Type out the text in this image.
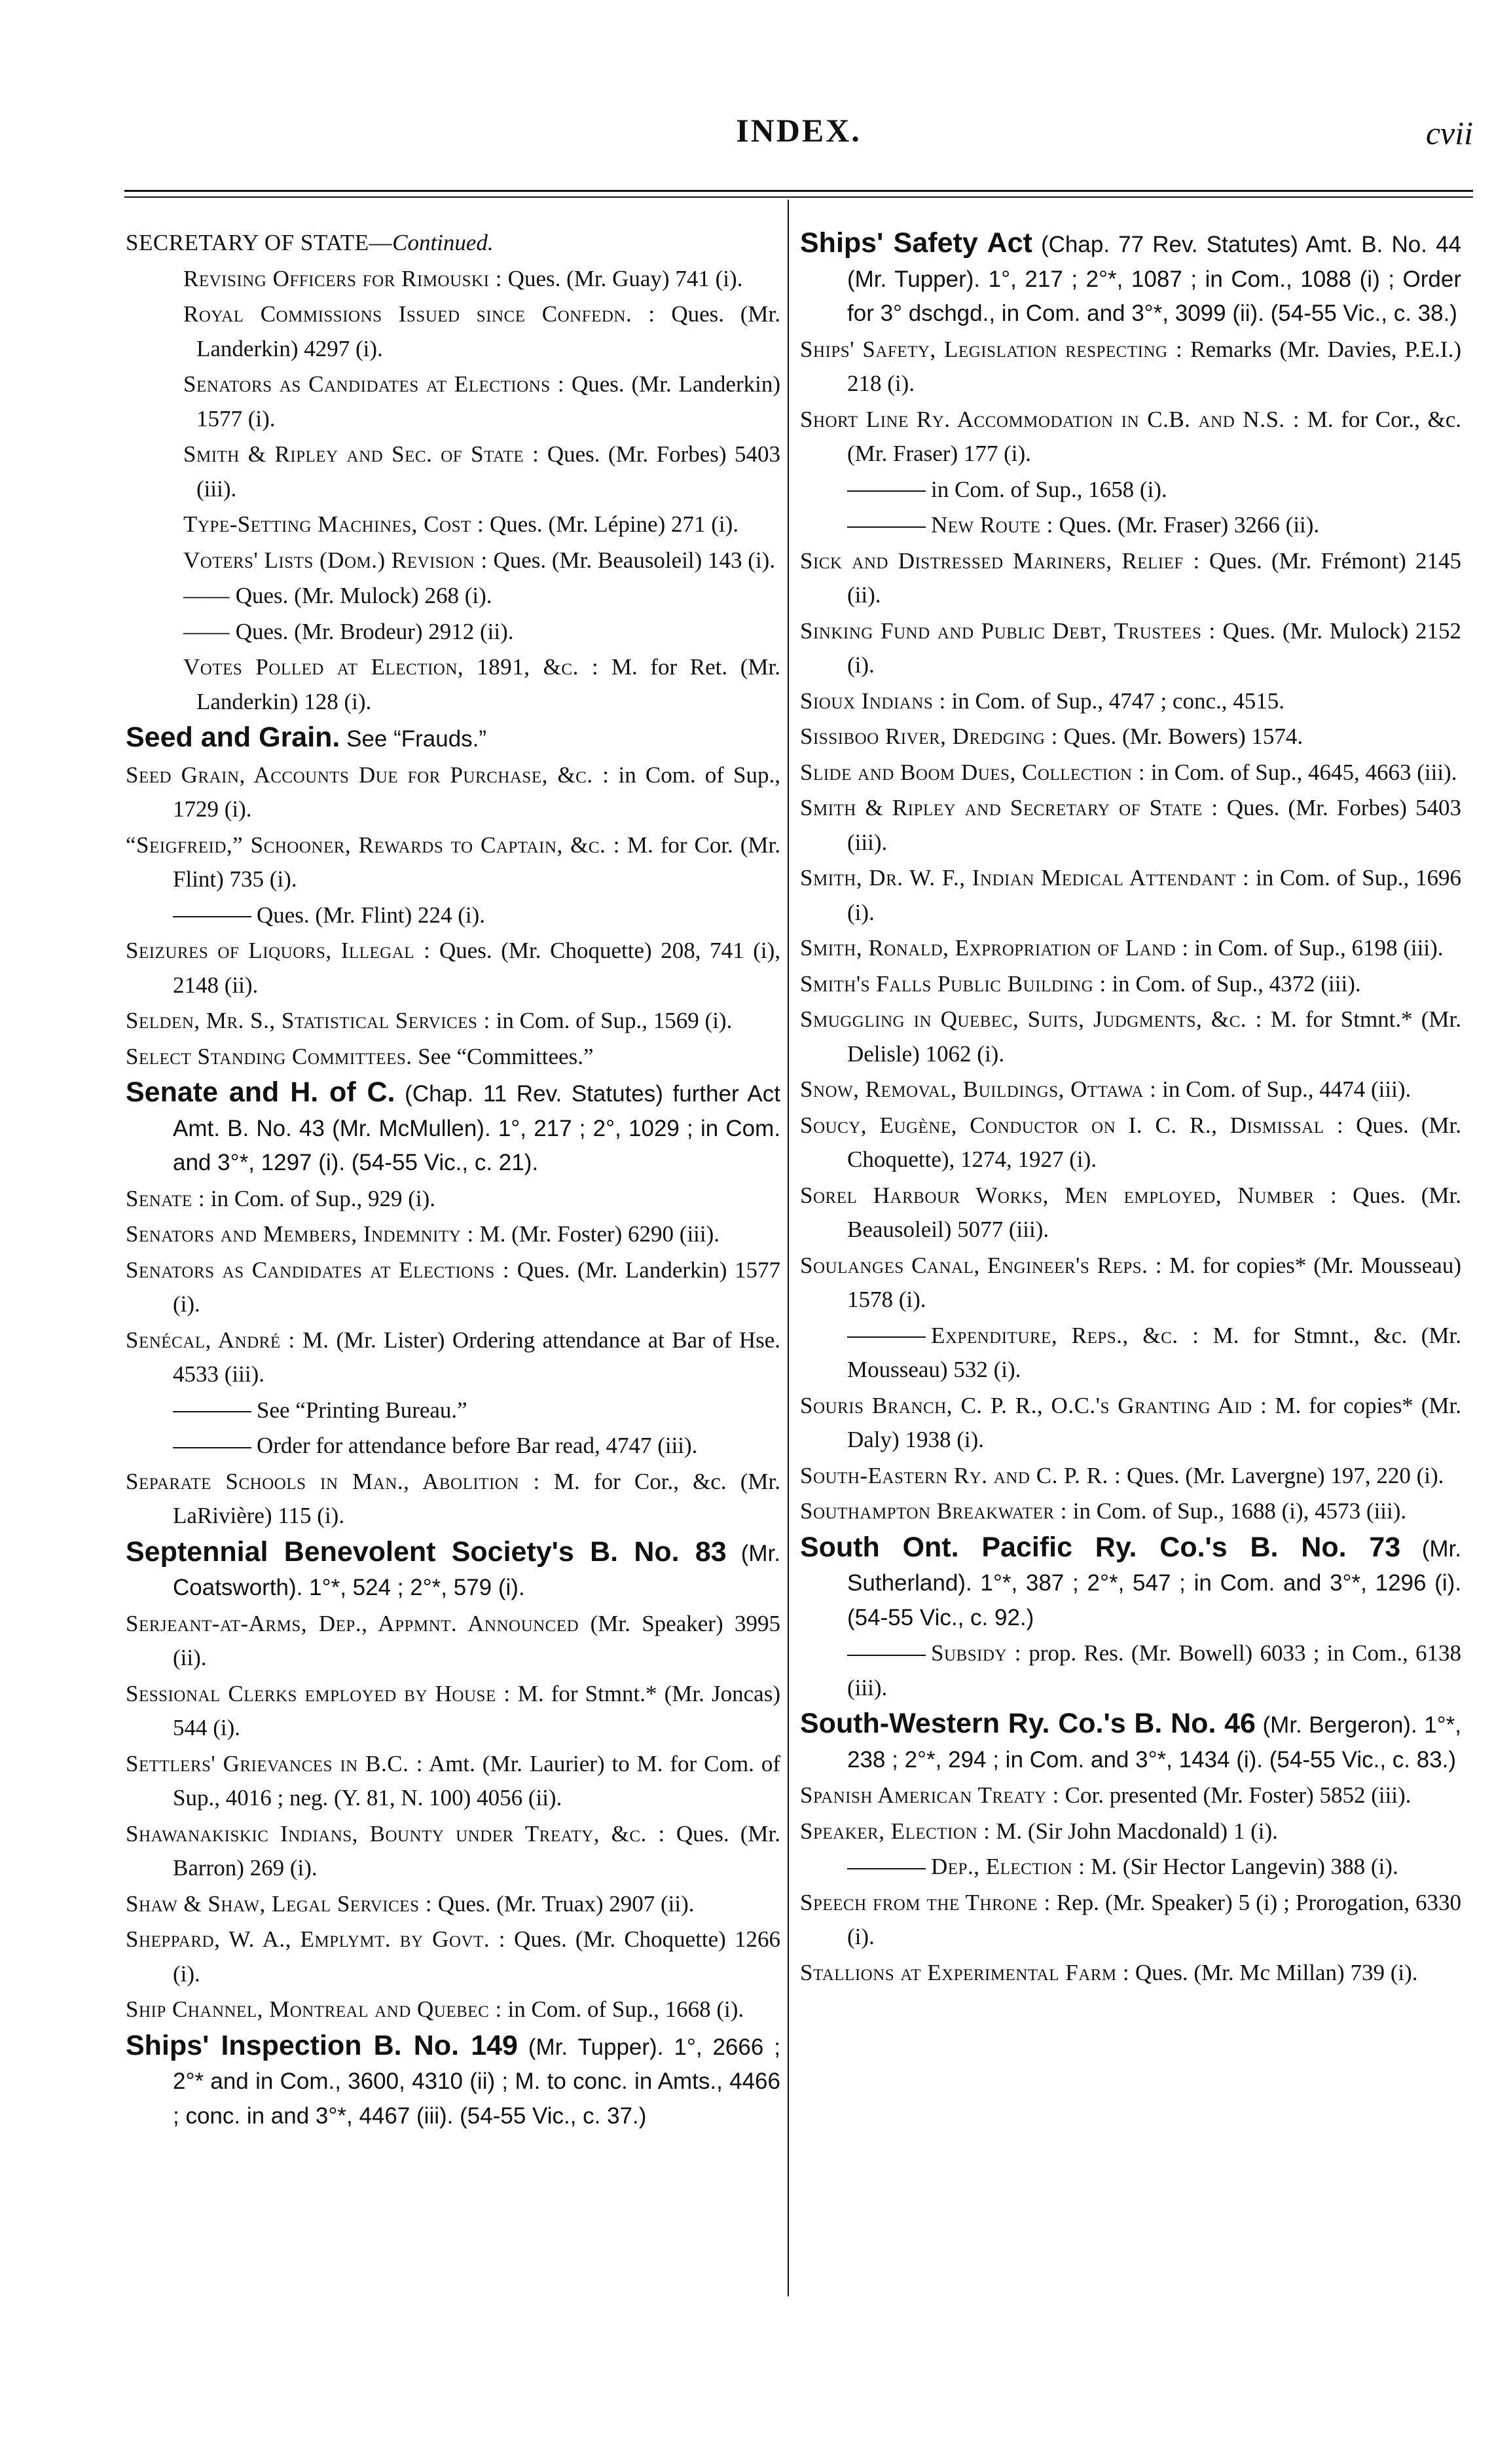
INDEX.	cvii
SECRETARY OF STATE—Continued.
Revising Officers for Rimouski : Ques. (Mr. Guay) 741 (i).
Royal Commissions Issued since Confedn. : Ques. (Mr. Landerkin) 4297 (i).
Senators as Candidates at Elections : Ques. (Mr. Landerkin) 1577 (i).
Smith & Ripley and Sec. of State : Ques. (Mr. Forbes) 5403 (iii).
Type-Setting Machines, Cost : Ques. (Mr. Lépine) 271 (i).
Voters' Lists (Dom.) Revision : Ques. (Mr. Beausoleil) 143 (i).
—— Ques. (Mr. Mulock) 268 (i).
—— Ques. (Mr. Brodeur) 2912 (ii).
Votes Polled at Election, 1891, &c. : M. for Ret. (Mr. Landerkin) 128 (i).
Seed and Grain. See “Frauds.”
Seed Grain, Accounts Due for Purchase, &c. : in Com. of Sup., 1729 (i).
“Seigfreid,” Schooner, Rewards to Captain, &c. : M. for Cor. (Mr. Flint) 735 (i).
Ques. (Mr. Flint) 224 (i).
Seizures of Liquors, Illegal : Ques. (Mr. Choquette) 208, 741 (i), 2148 (ii).
Selden, Mr. S., Statistical Services : in Com. of Sup., 1569 (i).
Select Standing Committees. See “Committees.”
Senate and H. of C. (Chap. 11 Rev. Statutes) further Act Amt. B. No. 43 (Mr. McMullen). 1°, 217 ; 2°, 1029 ; in Com. and 3°*, 1297 (i). (54-55 Vic., c. 21).
Senate : in Com. of Sup., 929 (i).
Senators and Members, Indemnity : M. (Mr. Foster) 6290 (iii).
Senators as Candidates at Elections : Ques. (Mr. Landerkin) 1577 (i).
Senécal, André : M. (Mr. Lister) Ordering attendance at Bar of Hse. 4533 (iii).
See “Printing Bureau.”
Order for attendance before Bar read, 4747 (iii).
Separate Schools in Man., Abolition : M. for Cor., &c. (Mr. LaRivière) 115 (i).
Septennial Benevolent Society's B. No. 83 (Mr. Coatsworth). 1°*, 524 ; 2°*, 579 (i).
Serjeant-at-Arms, Dep., Appmnt. Announced (Mr. Speaker) 3995 (ii).
Sessional Clerks employed by House : M. for Stmnt.* (Mr. Joncas) 544 (i).
Settlers' Grievances in B.C. : Amt. (Mr. Laurier) to M. for Com. of Sup., 4016 ; neg. (Y. 81, N. 100) 4056 (ii).
Shawanakiskic Indians, Bounty under Treaty, &c. : Ques. (Mr. Barron) 269 (i).
Shaw & Shaw, Legal Services : Ques. (Mr. Truax) 2907 (ii).
Sheppard, W. A., Emplymt. by Govt. : Ques. (Mr. Choquette) 1266 (i).
Ship Channel, Montreal and Quebec : in Com. of Sup., 1668 (i).
Ships' Inspection B. No. 149 (Mr. Tupper). 1°, 2666 ; 2°* and in Com., 3600, 4310 (ii) ; M. to conc. in Amts., 4466 ; conc. in and 3°*, 4467 (iii). (54-55 Vic., c. 37.)
Ships' Safety Act (Chap. 77 Rev. Statutes) Amt. B. No. 44 (Mr. Tupper). 1°, 217 ; 2°*, 1087 ; in Com., 1088 (i) ; Order for 3° dschgd., in Com. and 3°*, 3099 (ii). (54-55 Vic., c. 38.)
Ships' Safety, Legislation respecting : Remarks (Mr. Davies, P.E.I.) 218 (i).
Short Line Ry. Accommodation in C.B. and N.S. : M. for Cor., &c. (Mr. Fraser) 177 (i).
in Com. of Sup., 1658 (i).
New Route : Ques. (Mr. Fraser) 3266 (ii).
Sick and Distressed Mariners, Relief : Ques. (Mr. Frémont) 2145 (ii).
Sinking Fund and Public Debt, Trustees : Ques. (Mr. Mulock) 2152 (i).
Sioux Indians : in Com. of Sup., 4747 ; conc., 4515.
Sissiboo River, Dredging : Ques. (Mr. Bowers) 1574.
Slide and Boom Dues, Collection : in Com. of Sup., 4645, 4663 (iii).
Smith & Ripley and Secretary of State : Ques. (Mr. Forbes) 5403 (iii).
Smith, Dr. W. F., Indian Medical Attendant : in Com. of Sup., 1696 (i).
Smith, Ronald, Expropriation of Land : in Com. of Sup., 6198 (iii).
Smith's Falls Public Building : in Com. of Sup., 4372 (iii).
Smuggling in Quebec, Suits, Judgments, &c. : M. for Stmnt.* (Mr. Delisle) 1062 (i).
Snow, Removal, Buildings, Ottawa : in Com. of Sup., 4474 (iii).
Soucy, Eugène, Conductor on I. C. R., Dismissal : Ques. (Mr. Choquette), 1274, 1927 (i).
Sorel Harbour Works, Men employed, Number : Ques. (Mr. Beausoleil) 5077 (iii).
Soulanges Canal, Engineer's Reps. : M. for copies* (Mr. Mousseau) 1578 (i).
Expenditure, Reps., &c. : M. for Stmnt., &c. (Mr. Mousseau) 532 (i).
Souris Branch, C. P. R., O.C.'s Granting Aid : M. for copies* (Mr. Daly) 1938 (i).
South-Eastern Ry. and C. P. R. : Ques. (Mr. Lavergne) 197, 220 (i).
Southampton Breakwater : in Com. of Sup., 1688 (i), 4573 (iii).
South Ont. Pacific Ry. Co.'s B. No. 73 (Mr. Sutherland). 1°*, 387 ; 2°*, 547 ; in Com. and 3°*, 1296 (i). (54-55 Vic., c. 92.)
Subsidy : prop. Res. (Mr. Bowell) 6033 ; in Com., 6138 (iii).
South-Western Ry. Co.'s B. No. 46 (Mr. Bergeron). 1°*, 238 ; 2°*, 294 ; in Com. and 3°*, 1434 (i). (54-55 Vic., c. 83.)
Spanish American Treaty : Cor. presented (Mr. Foster) 5852 (iii).
Speaker, Election : M. (Sir John Macdonald) 1 (i).
Dep., Election : M. (Sir Hector Langevin) 388 (i).
Speech from the Throne : Rep. (Mr. Speaker) 5 (i) ; Prorogation, 6330 (i).
Stallions at Experimental Farm : Ques. (Mr. Mc Millan) 739 (i).
